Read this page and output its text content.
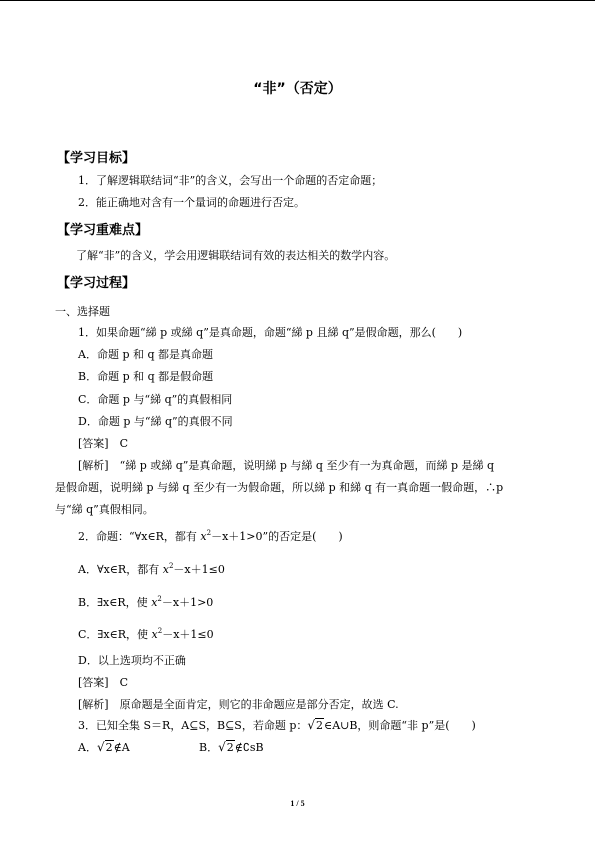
“非”（否定）
【学习目标】
1．了解逻辑联结词“非”的含义，会写出一个命题的否定命题；
2．能正确地对含有一个量词的命题进行否定。
【学习重难点】
了解“非”的含义，学会用逻辑联结词有效的表达相关的数学内容。
【学习过程】
一、选择题
1．如果命题“綈 p 或綈 q”是真命题，命题“綈 p 且綈 q”是假命题，那么(　　)
A．命题 p 和 q 都是真命题
B．命题 p 和 q 都是假命题
C．命题 p 与“綈 q”的真假相同
D．命题 p 与“綈 q”的真假不同
[答案]　C
[解析]　“綈 p 或綈 q”是真命题，说明綈 p 与綈 q 至少有一为真命题，而綈 p 是綈 q
是假命题，说明綈 p 与綈 q 至少有一为假命题，所以綈 p 和綈 q 有一真命题一假命题，∴p
与“綈 q”真假相同。
2．命题：“∀x∈R，都有 $x^2-x+1>0$”的否定是(　　)
A．∀x∈R，都有 $x^2-x+1\le 0$
B．∃x∈R，使 $x^2-x+1>0$
C．∃x∈R，使 $x^2-x+1\le 0$
D．以上选项均不正确
[答案]　C
[解析]　原命题是全面肯定，则它的非命题应是部分否定，故选 C.
3．已知全集 S＝R，A⊆S，B⊆S，若命题 p：√2∈A∪B，则命题“非 p”是(　　)
A．√2∉A	B．√2∉∁sB
1 / 5
